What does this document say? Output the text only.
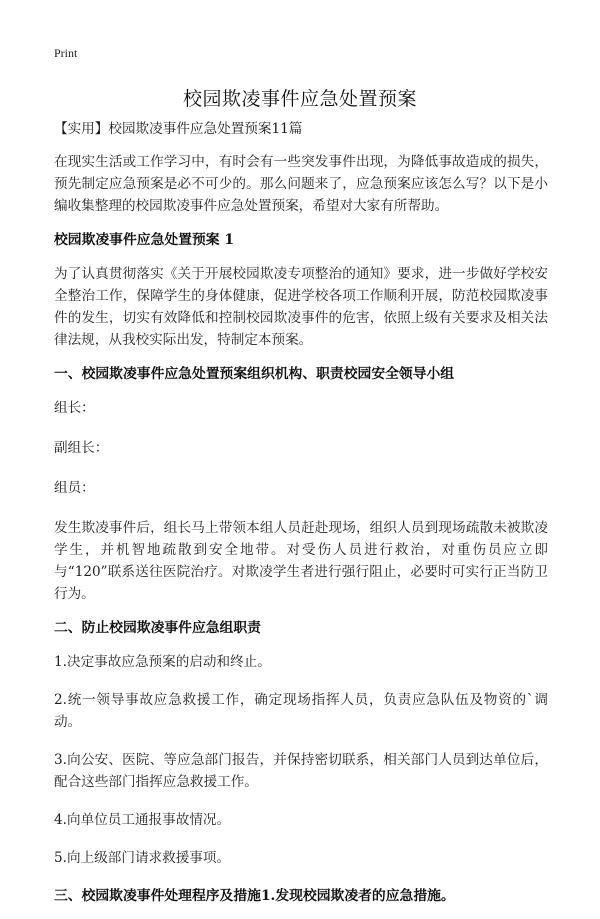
Print
校园欺凌事件应急处置预案
【实用】校园欺凌事件应急处置预案11篇

在现实生活或工作学习中，有时会有一些突发事件出现，为降低事故造成的损失，预先制定应急预案是必不可少的。那么问题来了，应急预案应该怎么写？以下是小编收集整理的校园欺凌事件应急处置预案，希望对大家有所帮助。

校园欺凌事件应急处置预案 1

为了认真贯彻落实《关于开展校园欺凌专项整治的通知》要求，进一步做好学校安全整治工作，保障学生的身体健康，促进学校各项工作顺利开展，防范校园欺凌事件的发生，切实有效降低和控制校园欺凌事件的危害，依照上级有关要求及相关法律法规，从我校实际出发，特制定本预案。

一、校园欺凌事件应急处置预案组织机构、职责校园安全领导小组

组长：

副组长：

组员：

发生欺凌事件后，组长马上带领本组人员赶赴现场，组织人员到现场疏散未被欺凌学生，并机智地疏散到安全地带。对受伤人员进行救治，对重伤员应立即与“120”联系送往医院治疗。对欺凌学生者进行强行阻止，必要时可实行正当防卫行为。

二、防止校园欺凌事件应急组职责

1.决定事故应急预案的启动和终止。

2.统一领导事故应急救援工作，确定现场指挥人员，负责应急队伍及物资的`调动。

3.向公安、医院、等应急部门报告，并保持密切联系，相关部门人员到达单位后，配合这些部门指挥应急救援工作。

4.向单位员工通报事故情况。

5.向上级部门请求救援事项。

三、校园欺凌事件处理程序及措施1.发现校园欺凌者的应急措施。
